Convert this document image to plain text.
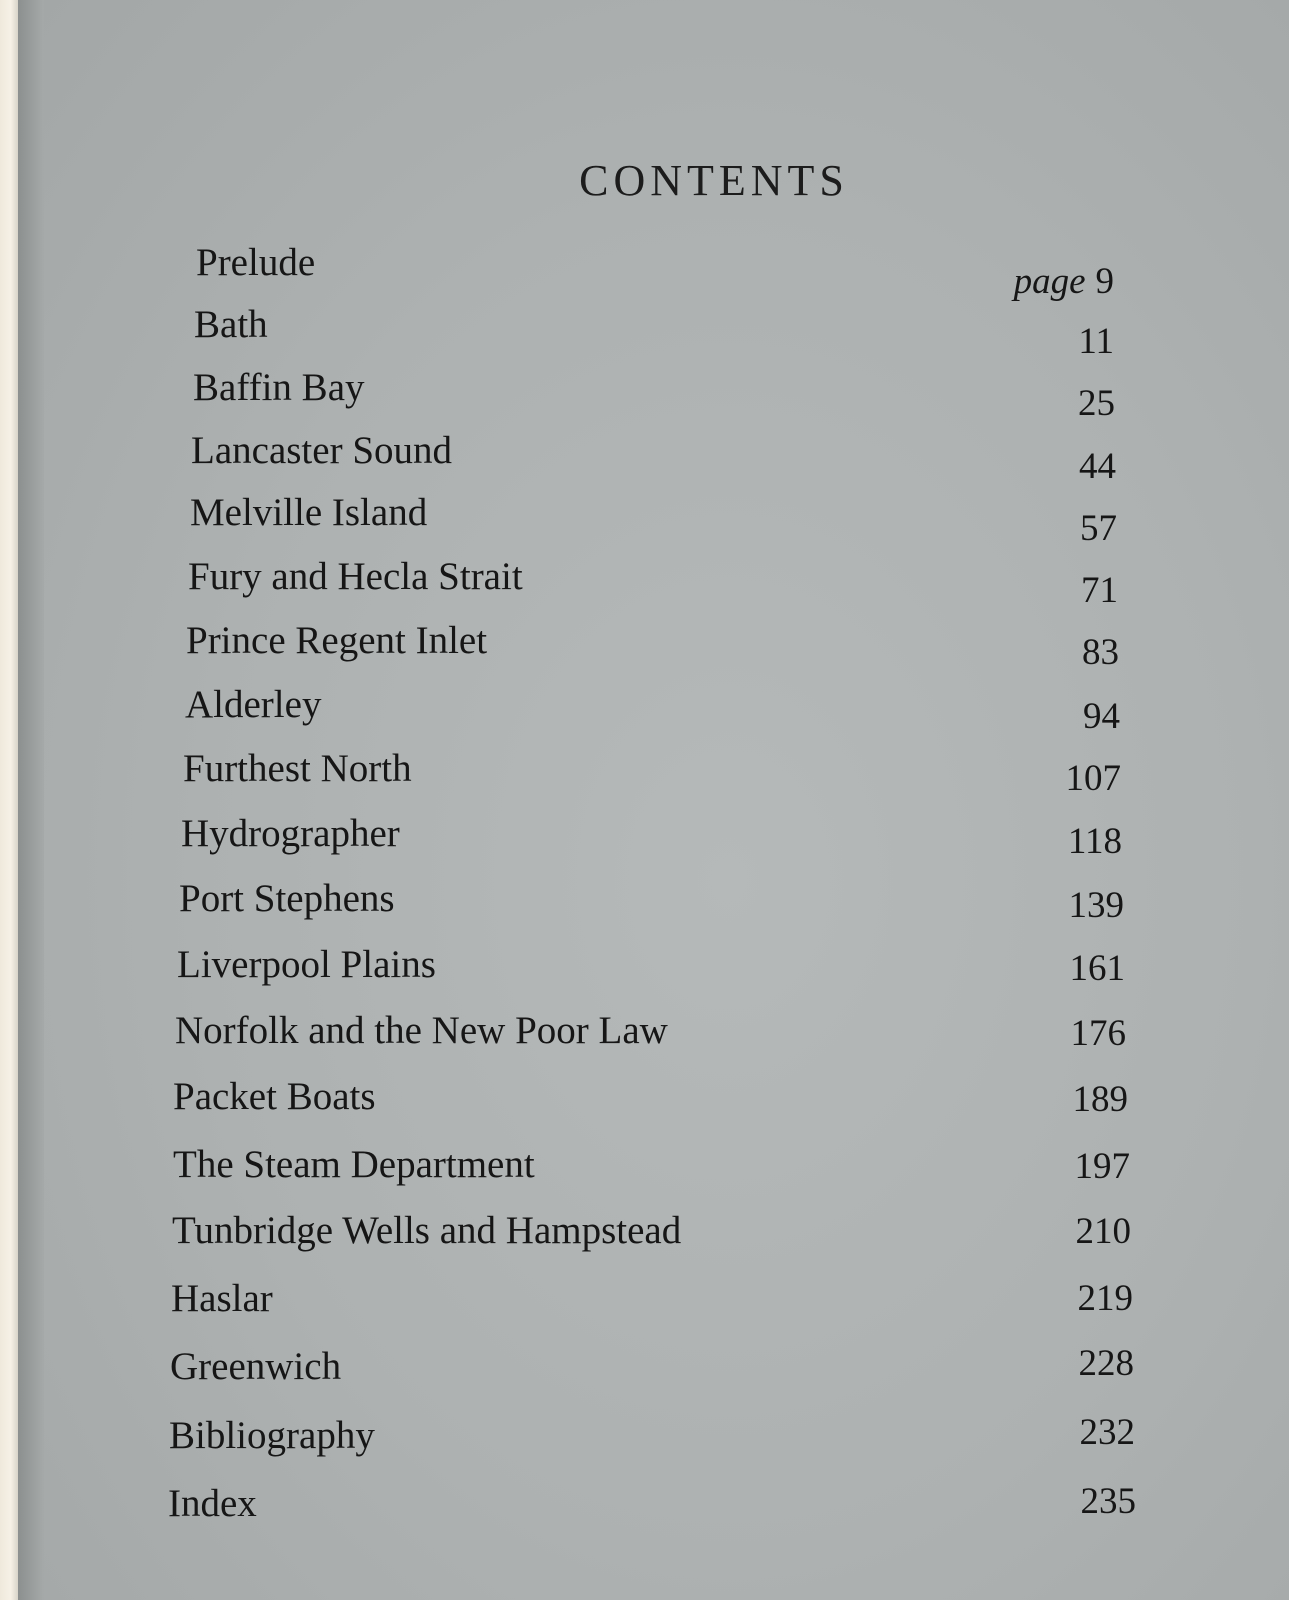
CONTENTS
Prelude	page 9
Bath	11
Baffin Bay	25
Lancaster Sound	44
Melville Island	57
Fury and Hecla Strait	71
Prince Regent Inlet	83
Alderley	94
Furthest North	107
Hydrographer	118
Port Stephens	139
Liverpool Plains	161
Norfolk and the New Poor Law	176
Packet Boats	189
The Steam Department	197
Tunbridge Wells and Hampstead	210
Haslar	219
Greenwich	228
Bibliography	232
Index	235
